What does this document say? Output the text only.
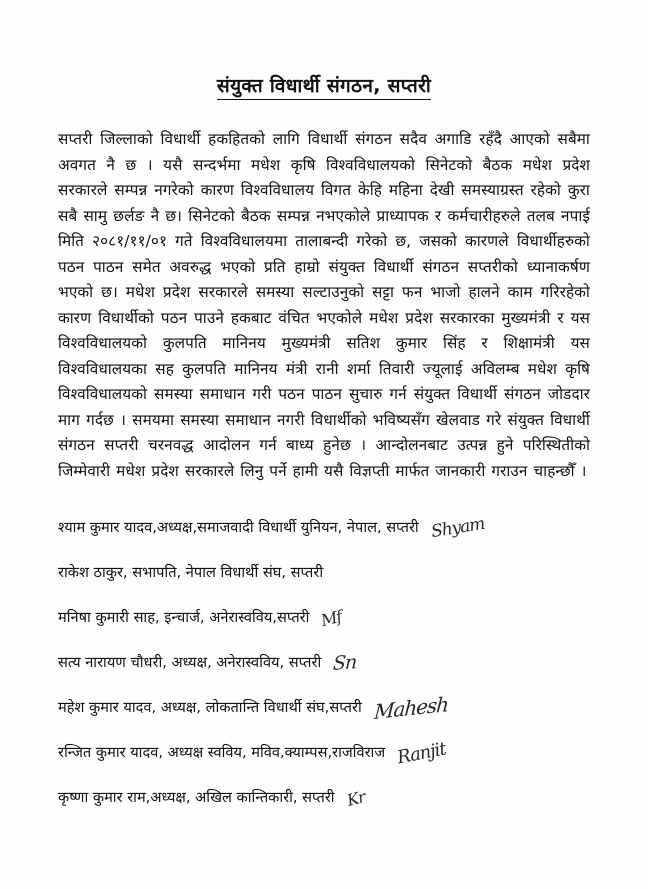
संयुक्त विधार्थी संगठन, सप्तरी

सप्तरी जिल्लाको विधार्थी हकहितको लागि विधार्थी संगठन सदैव अगाडि रहँदै आएको सबैमा अवगत नै छ । यसै सन्दर्भमा मधेश कृषि विश्वविधालयको सिनेटको बैठक मधेश प्रदेश सरकारले सम्पन्न नगरेको कारण विश्वविधालय विगत केहि महिना देखी समस्याग्रस्त रहेको कुरा सबै सामु छर्लङ नै छ। सिनेटको बैठक सम्पन्न नभएकोले प्राध्यापक र कर्मचारीहरुले तलब नपाई मिति २०८१/११/०१ गते विश्वविधालयमा तालाबन्दी गरेको छ, जसको कारणले विधार्थीहरुको पठन पाठन समेत अवरुद्ध भएको प्रति हाम्रो संयुक्त विधार्थी संगठन सप्तरीको ध्यानाकर्षण भएको छ। मधेश प्रदेश सरकारले समस्या सल्टाउनुको सट्टा फन भाजो हालने काम गरिरहेको कारण विधार्थीको पठन पाउने हकबाट वंचित भएकोले मधेश प्रदेश सरकारका मुख्यमंत्री र यस विश्वविधालयको कुलपति मानिनय मुख्यमंत्री सतिश कुमार सिंह र शिक्षामंत्री यस विश्वविधालयका सह कुलपति मानिनय मंत्री रानी शर्मा तिवारी ज्यूलाई अविलम्ब मधेश कृषि विश्वविधालयको समस्या समाधान गरी पठन पाठन सुचारु गर्न संयुक्त विधार्थी संगठन जोडदार माग गर्दछ । समयमा समस्या समाधान नगरी विधार्थीको भविष्यसँग खेलवाड गरे संयुक्त विधार्थी संगठन सप्तरी चरनवद्ध आदोलन गर्न बाध्य हुनेछ । आन्दोलनबाट उत्पन्न हुने परिस्थितीको जिम्मेवारी मधेश प्रदेश सरकारले लिनु पर्ने हामी यसै विज्ञप्ती मार्फत जानकारी गराउन चाहन्छौँ ।

श्याम कुमार यादव,अध्यक्ष,समाजवादी विधार्थी युनियन, नेपाल, सप्तरी Shyam
राकेश ठाकुर, सभापति, नेपाल विधार्थी संघ, सप्तरी
मनिषा कुमारी साह, इन्चार्ज, अनेरास्वविय,सप्तरी Mf
सत्य नारायण चौधरी, अध्यक्ष, अनेरास्वविय, सप्तरी Sn
महेश कुमार यादव, अध्यक्ष, लोकतान्ति विधार्थी संघ,सप्तरी Mahesh
रन्जित कुमार यादव, अध्यक्ष स्वविय, मविव,क्याम्पस,राजविराज Ranjit
कृष्णा कुमार राम,अध्यक्ष, अखिल कान्तिकारी, सप्तरी Kr
